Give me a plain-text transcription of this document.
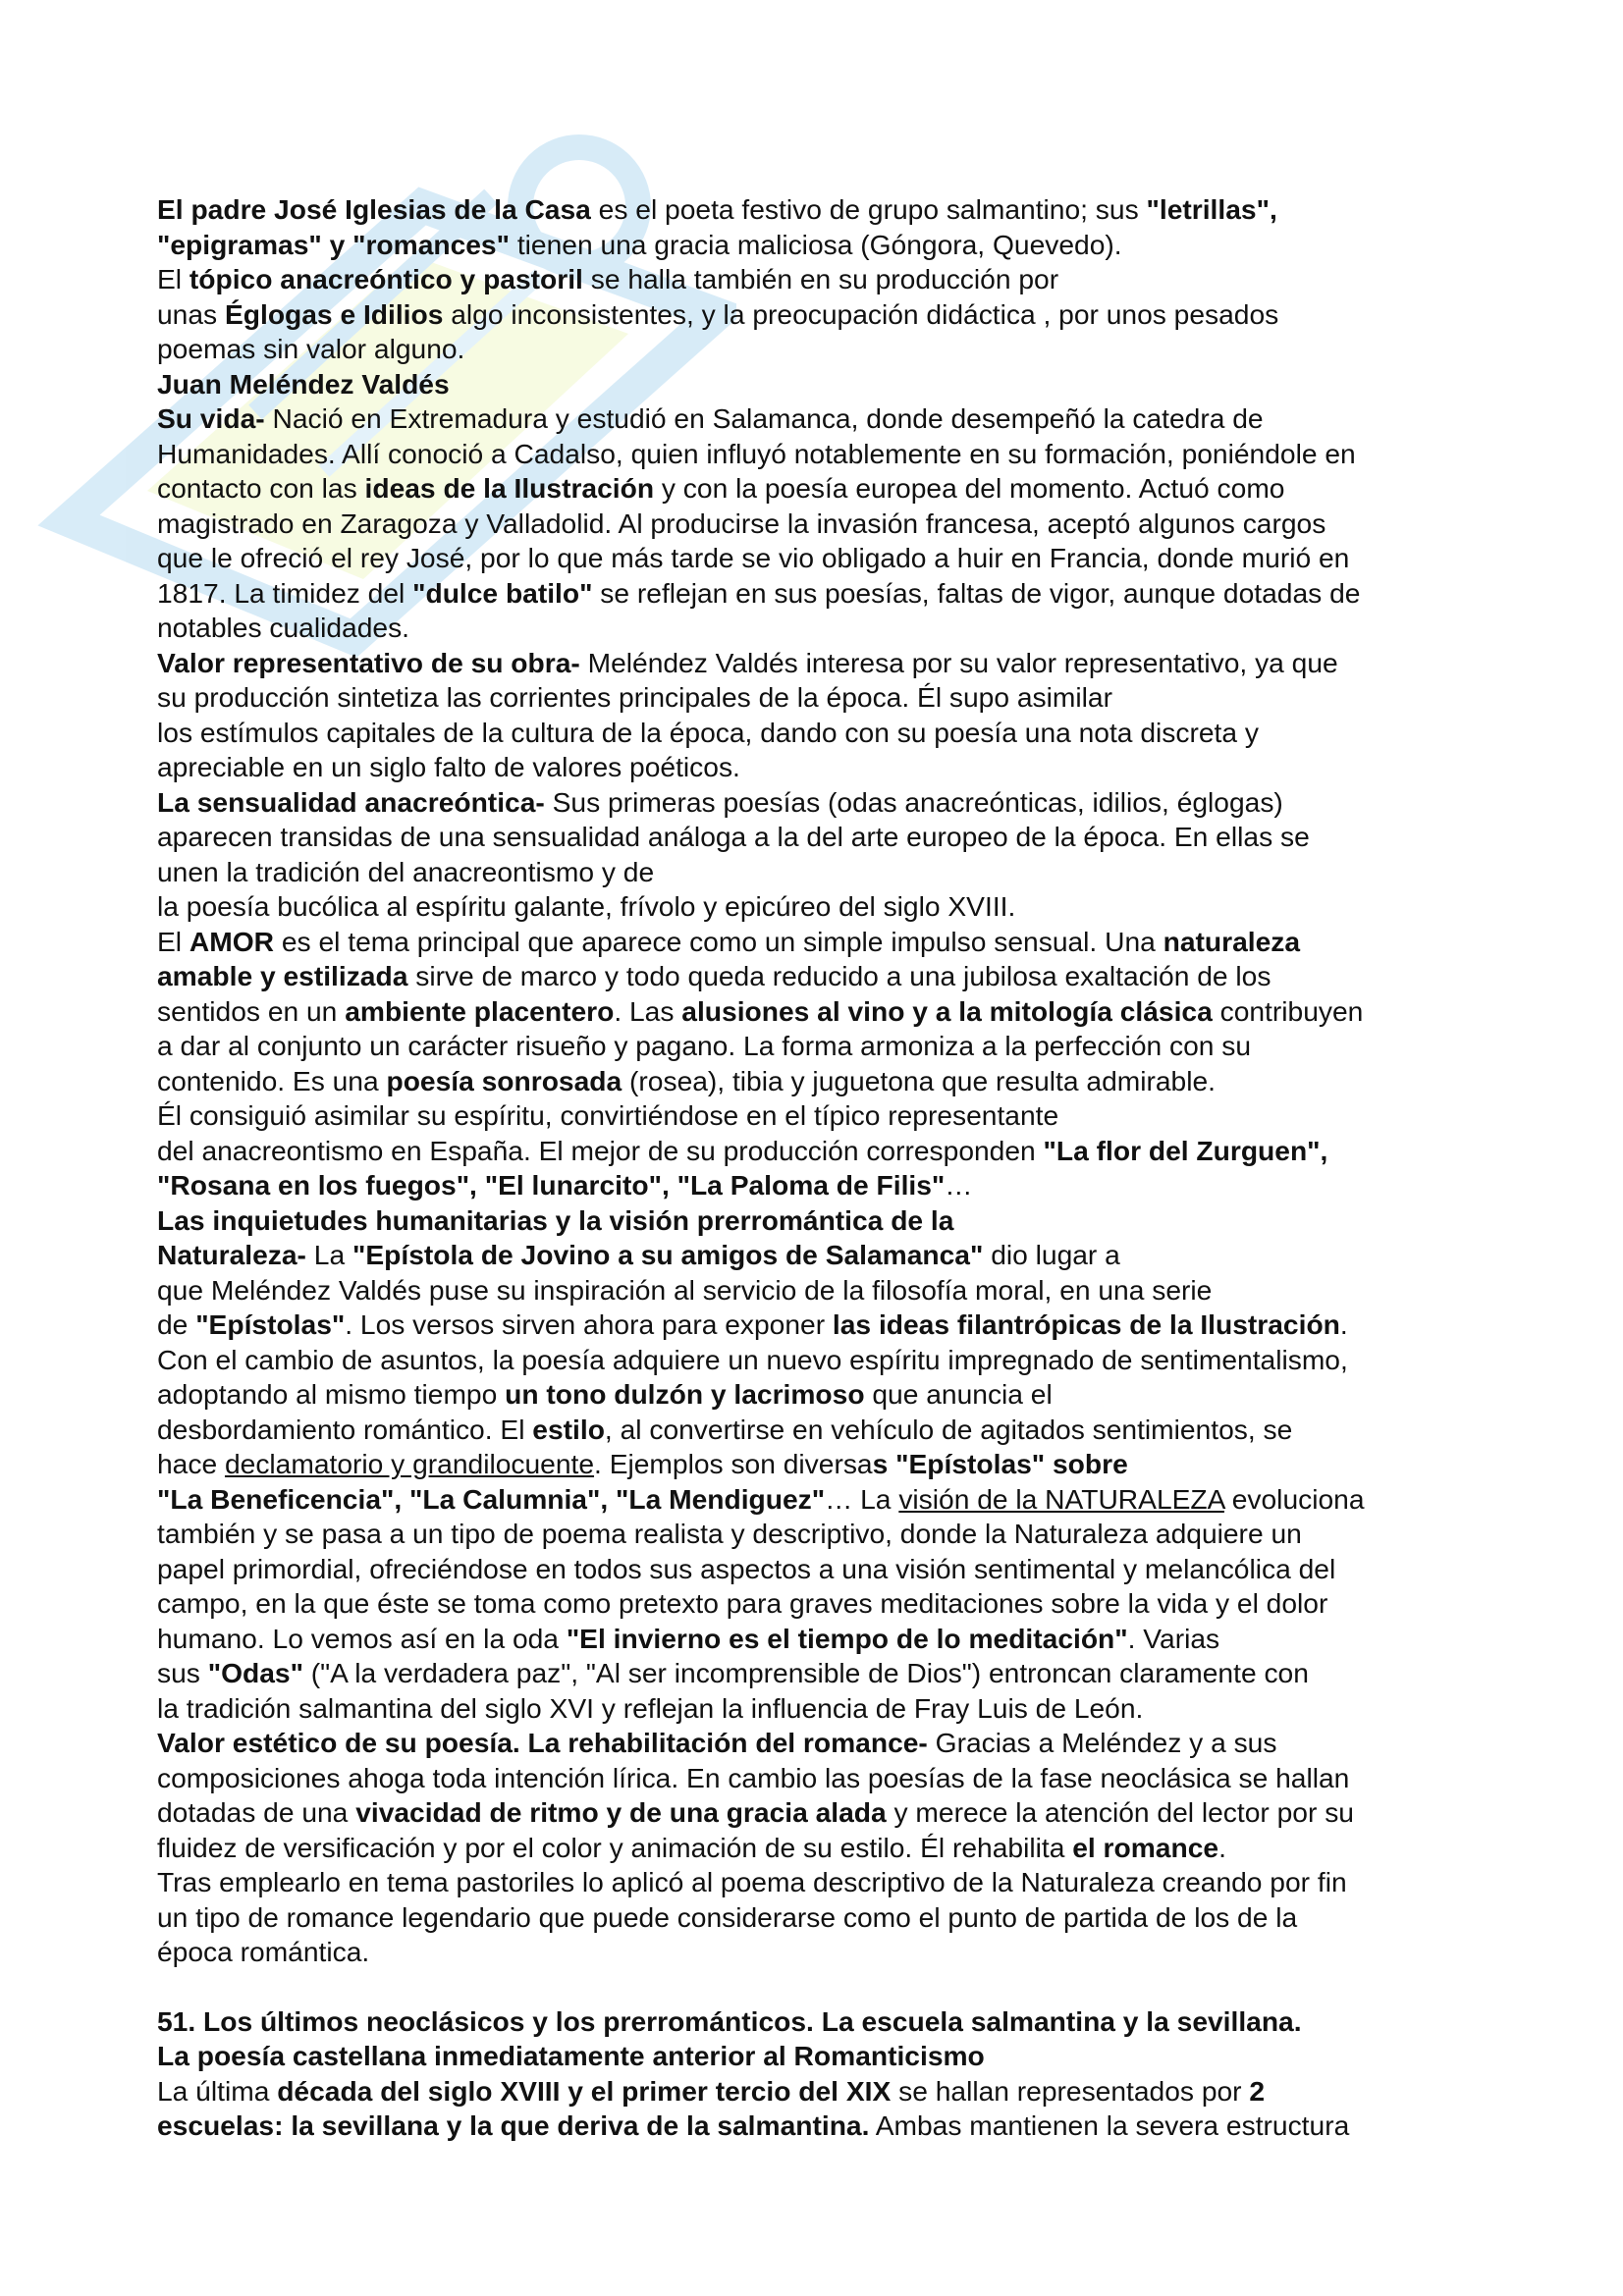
El padre José Iglesias de la Casa es el poeta festivo de grupo salmantino; sus "letrillas",

"epigramas" y "romances" tienen una gracia maliciosa (Góngora, Quevedo).

El tópico anacreóntico y pastoril se halla también en su producción por

unas Églogas e Idilios algo inconsistentes, y la preocupación didáctica , por unos pesados

poemas sin valor alguno.

Juan Meléndez Valdés

Su vida- Nació en Extremadura y estudió en Salamanca, donde desempeñó la catedra de

Humanidades. Allí conoció a Cadalso, quien influyó notablemente en su formación, poniéndole en

contacto con las ideas de la Ilustración y con la poesía europea del momento. Actuó como

magistrado en Zaragoza y Valladolid. Al producirse la invasión francesa, aceptó algunos cargos

que le ofreció el rey José, por lo que más tarde se vio obligado a huir en Francia, donde murió en

1817. La timidez del "dulce batilo" se reflejan en sus poesías, faltas de vigor, aunque dotadas de

notables cualidades.

Valor representativo de su obra- Meléndez Valdés interesa por su valor representativo, ya que

su producción sintetiza las corrientes principales de la época. Él supo asimilar

los estímulos capitales de la cultura de la época, dando con su poesía una nota discreta y

apreciable en un siglo falto de valores poéticos.

La sensualidad anacreóntica- Sus primeras poesías (odas anacreónticas, idilios, églogas)

aparecen transidas de una sensualidad análoga a la del arte europeo de la época. En ellas se

unen la tradición del anacreontismo y de

la poesía bucólica al espíritu galante, frívolo y epicúreo del siglo XVIII.

El AMOR es el tema principal que aparece como un simple impulso sensual. Una naturaleza

amable y estilizada sirve de marco y todo queda reducido a una jubilosa exaltación de los

sentidos en un ambiente placentero. Las alusiones al vino y a la mitología clásica contribuyen

a dar al conjunto un carácter risueño y pagano. La forma armoniza a la perfección con su

contenido. Es una poesía sonrosada (rosea), tibia y juguetona que resulta admirable.

Él consiguió asimilar su espíritu, convirtiéndose en el típico representante

del anacreontismo en España. El mejor de su producción corresponden "La flor del Zurguen",

"Rosana en los fuegos", "El lunarcito", "La Paloma de Filis"…

Las inquietudes humanitarias y la visión prerromántica de la

Naturaleza- La "Epístola de Jovino a su amigos de Salamanca" dio lugar a

que Meléndez Valdés puse su inspiración al servicio de la filosofía moral, en una serie

de "Epístolas". Los versos sirven ahora para exponer las ideas filantrópicas de la Ilustración.

Con el cambio de asuntos, la poesía adquiere un nuevo espíritu impregnado de sentimentalismo,

adoptando al mismo tiempo un tono dulzón y lacrimoso que anuncia el

desbordamiento romántico. El estilo, al convertirse en vehículo de agitados sentimientos, se

hace declamatorio y grandilocuente. Ejemplos son diversas "Epístolas" sobre

"La Beneficencia", "La Calumnia", "La Mendiguez"… La visión de la NATURALEZA evoluciona

también y se pasa a un tipo de poema realista y descriptivo, donde la Naturaleza adquiere un

papel primordial, ofreciéndose en todos sus aspectos a una visión sentimental y melancólica del

campo, en la que éste se toma como pretexto para graves meditaciones sobre la vida y el dolor

humano. Lo vemos así en la oda "El invierno es el tiempo de lo meditación". Varias

sus "Odas" ("A la verdadera paz", "Al ser incomprensible de Dios") entroncan claramente con

la tradición salmantina del siglo XVI y reflejan la influencia de Fray Luis de León.

Valor estético de su poesía. La rehabilitación del romance- Gracias a Meléndez y a sus

composiciones ahoga toda intención lírica. En cambio las poesías de la fase neoclásica se hallan

dotadas de una vivacidad de ritmo y de una gracia alada y merece la atención del lector por su

fluidez de versificación y por el color y animación de su estilo. Él rehabilita el romance.

Tras emplearlo en tema pastoriles lo aplicó al poema descriptivo de la Naturaleza creando por fin

un tipo de romance legendario que puede considerarse como el punto de partida de los de la

época romántica.

51. Los últimos neoclásicos y los prerrománticos. La escuela salmantina y la sevillana.

La poesía castellana inmediatamente anterior al Romanticismo

La última década del siglo XVIII y el primer tercio del XIX se hallan representados por 2

escuelas: la sevillana y la que deriva de la salmantina. Ambas mantienen la severa estructura
